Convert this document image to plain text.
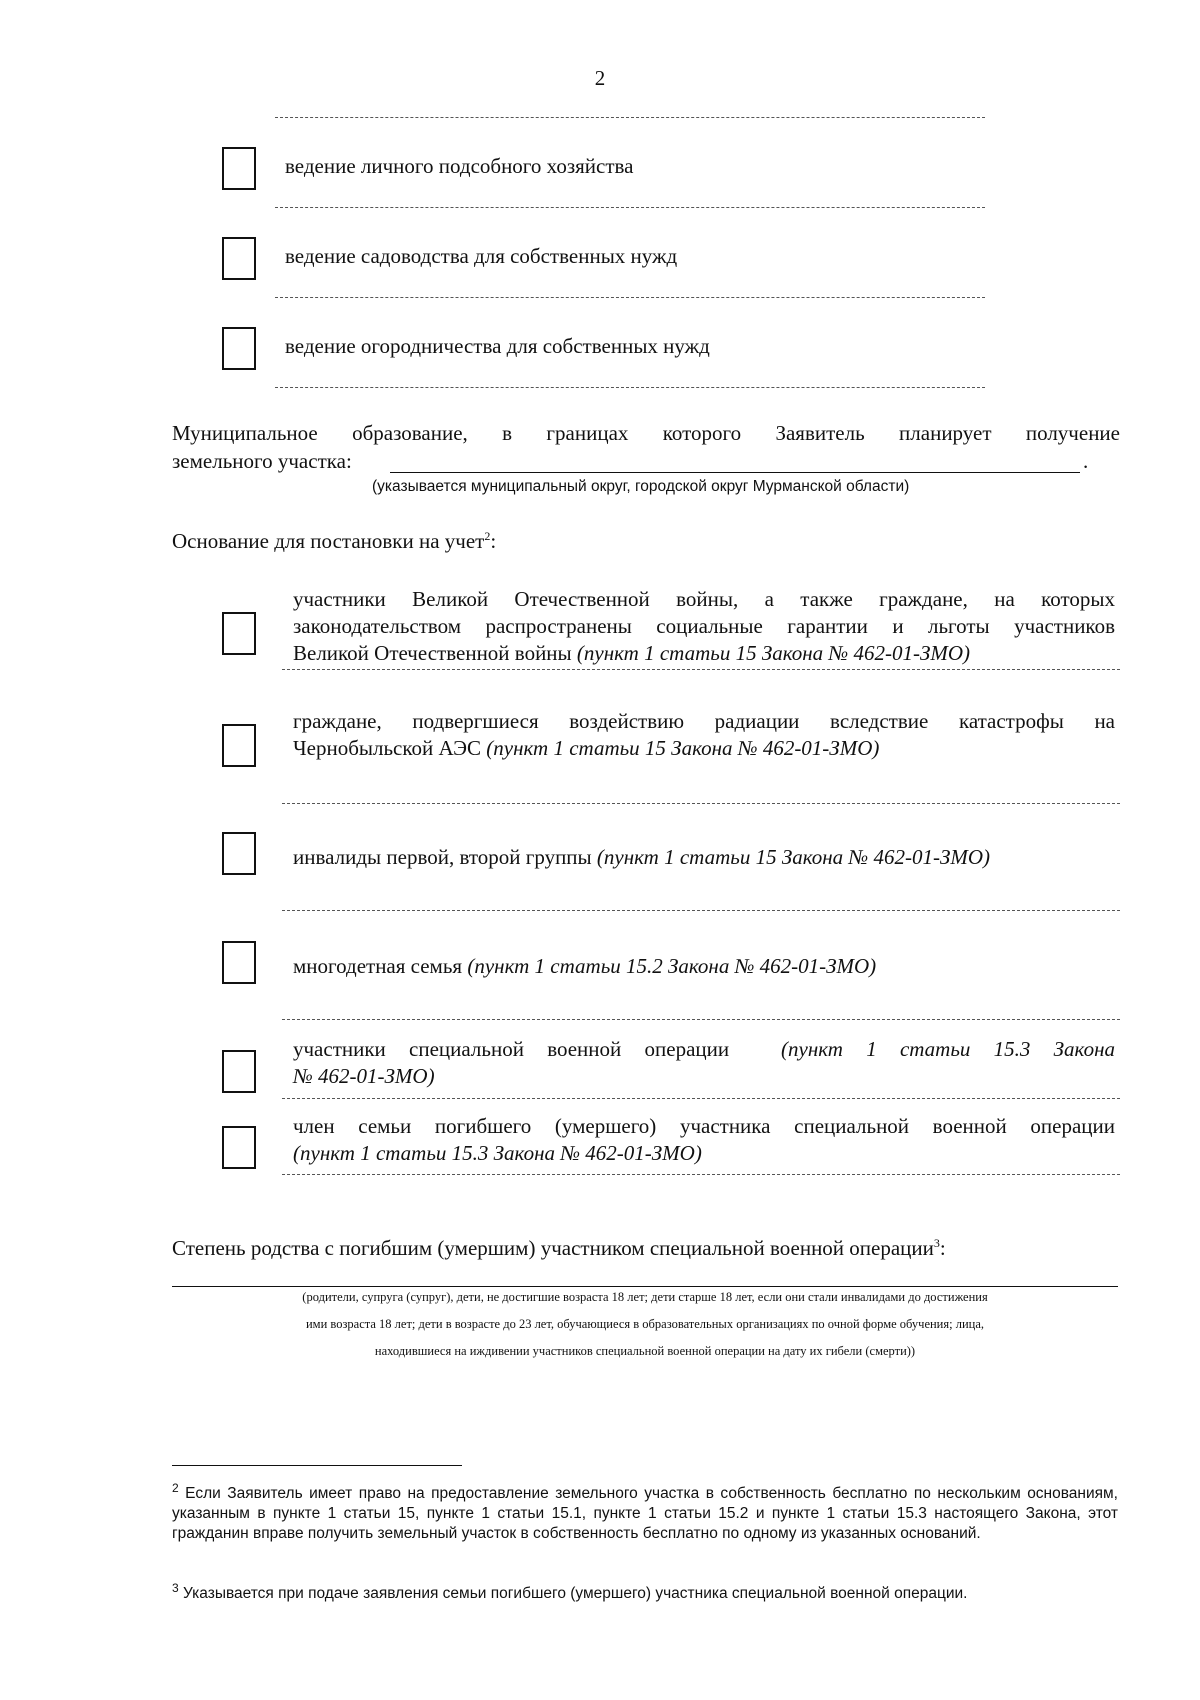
2
ведение личного подсобного хозяйства
ведение садоводства для собственных нужд
ведение огородничества для собственных нужд
Муниципальное образование, в границах которого Заявитель планирует получение
земельного участка:	.
(указывается муниципальный округ, городской округ Мурманской области)
Основание для постановки на учет$^2$:
участники Великой Отечественной войны, а также граждане, на которых
законодательством распространены социальные гарантии и льготы участников
Великой Отечественной войны (пункт 1 статьи 15 Закона № 462-01-ЗМО)
граждане, подвергшиеся воздействию радиации вследствие катастрофы на
Чернобыльской АЭС (пункт 1 статьи 15 Закона № 462-01-ЗМО)
инвалиды первой, второй группы (пункт 1 статьи 15 Закона № 462-01-ЗМО)
многодетная семья (пункт 1 статьи 15.2 Закона № 462-01-ЗМО)
участники специальной военной операции (пункт 1 статьи 15.3 Закона
№ 462-01-ЗМО)
член семьи погибшего (умершего) участника специальной военной операции
(пункт 1 статьи 15.3 Закона № 462-01-ЗМО)
Степень родства с погибшим (умершим) участником специальной военной операции$^3$:
(родители, супруга (супруг), дети, не достигшие возраста 18 лет; дети старше 18 лет, если они стали инвалидами до достижения
ими возраста 18 лет; дети в возрасте до 23 лет, обучающиеся в образовательных организациях по очной форме обучения; лица,
находившиеся на иждивении участников специальной военной операции на дату их гибели (смерти))
$^2$ Если Заявитель имеет право на предоставление земельного участка в собственность бесплатно по нескольким основаниям, указанным в пункте 1 статьи 15, пункте 1 статьи 15.1, пункте 1 статьи 15.2 и пункте 1 статьи 15.3 настоящего Закона, этот гражданин вправе получить земельный участок в собственность бесплатно по одному из указанных оснований.
$^3$ Указывается при подаче заявления семьи погибшего (умершего) участника специальной военной операции.
